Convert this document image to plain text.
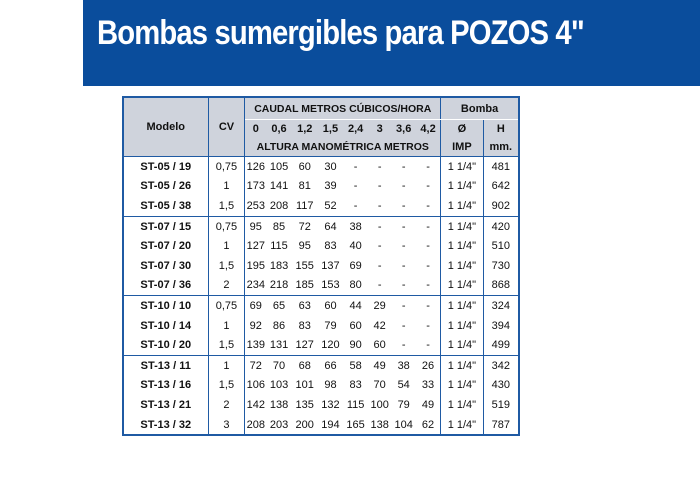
Bombas sumergibles para POZOS 4"
Modelo	CV	CAUDAL METROS CÚBICOS/HORA								Bomba	
		0	0,6	1,2	1,5	2,4	3	3,6	4,2	Ø	H
		ALTURA MANOMÉTRICA METROS								IMP	mm.
ST-05 / 19	0,75	126	105	60	30	-	-	-	-	1 1/4"	481
ST-05 / 26	1	173	141	81	39	-	-	-	-	1 1/4"	642
ST-05 / 38	1,5	253	208	117	52	-	-	-	-	1 1/4"	902
ST-07 / 15	0,75	95	85	72	64	38	-	-	-	1 1/4"	420
ST-07 / 20	1	127	115	95	83	40	-	-	-	1 1/4"	510
ST-07 / 30	1,5	195	183	155	137	69	-	-	-	1 1/4"	730
ST-07 / 36	2	234	218	185	153	80	-	-	-	1 1/4"	868
ST-10 / 10	0,75	69	65	63	60	44	29	-	-	1 1/4"	324
ST-10 / 14	1	92	86	83	79	60	42	-	-	1 1/4"	394
ST-10 / 20	1,5	139	131	127	120	90	60	-	-	1 1/4"	499
ST-13 / 11	1	72	70	68	66	58	49	38	26	1 1/4"	342
ST-13 / 16	1,5	106	103	101	98	83	70	54	33	1 1/4"	430
ST-13 / 21	2	142	138	135	132	115	100	79	49	1 1/4"	519
ST-13 / 32	3	208	203	200	194	165	138	104	62	1 1/4"	787
